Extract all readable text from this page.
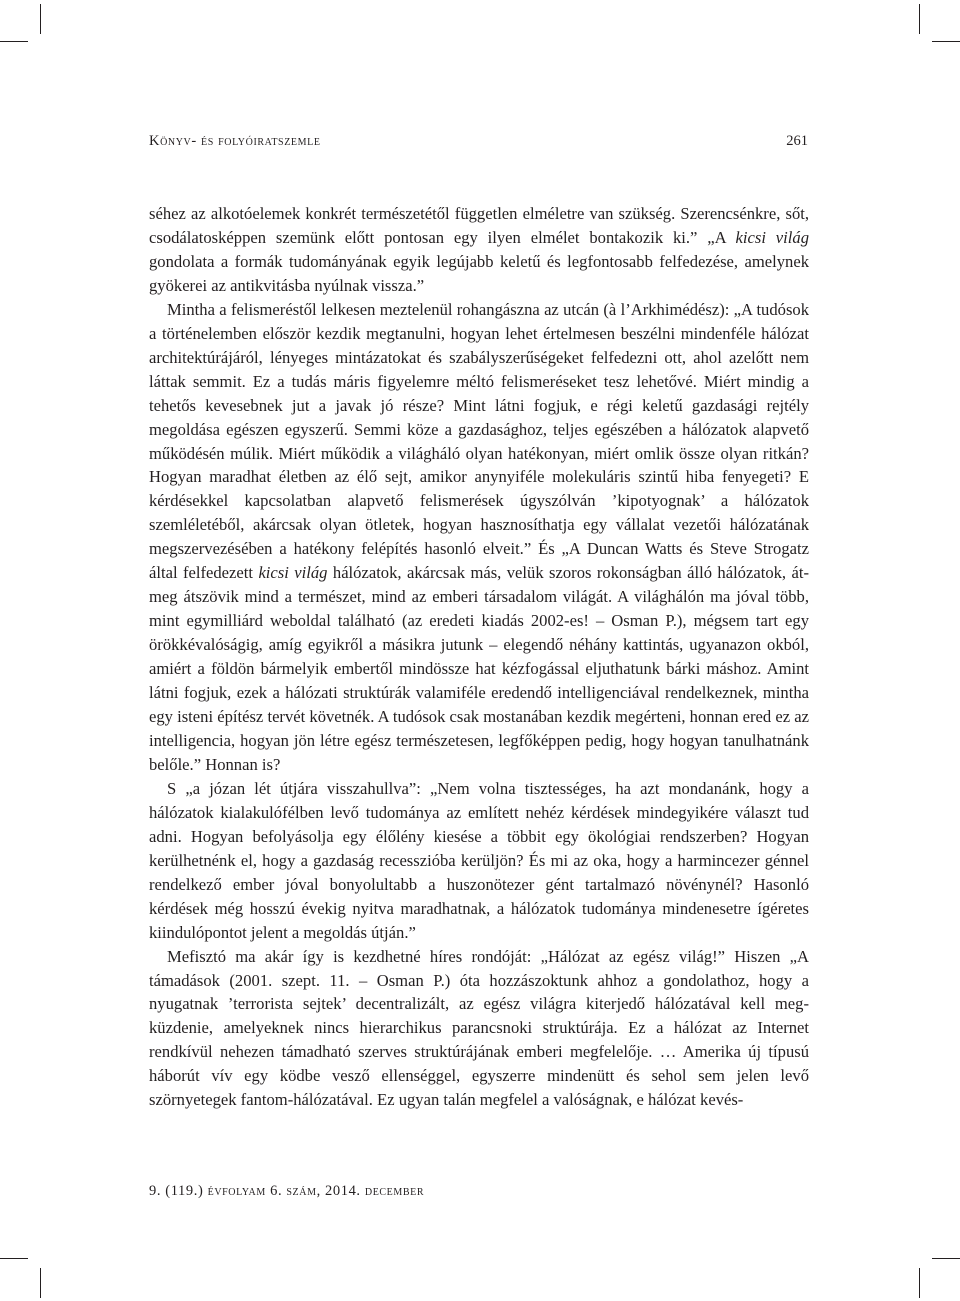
Könyv- és folyóiratszemle	261

séhez az alkotóelemek konkrét természetétől független elméletre van szükség. Szerencsénkre, sőt, csodálatosképpen szemünk előtt pontosan egy ilyen elmélet bontakozik ki.” „A kicsi világ gondolata a formák tudományának egyik legújabb keletű és legfontosabb felfedezése, amelynek gyökerei az antikvitásba nyúlnak vissza.”

Mintha a felismeréstől lelkesen meztelenül rohangászna az utcán (à l’Arkhimédész): „A tudósok a történelemben először kezdik megtanulni, hogyan lehet értelmesen beszélni mindenféle hálózat architektúrájáról, lényeges mintázatokat és szabályszerűségeket felfedezni ott, ahol azelőtt nem láttak semmit. Ez a tudás máris figyelemre méltó felismeréseket tesz lehetővé. Miért mindig a tehetős kevesebnek jut a javak jó része? Mint látni fogjuk, e régi keletű gazdasági rejtély megoldása egészen egyszerű. Semmi köze a gazdasághoz, teljes egészében a hálózatok alapvető működésén múlik. Miért működik a világháló olyan hatékonyan, miért omlik össze olyan ritkán? Hogyan maradhat életben az élő sejt, amikor anynyiféle molekuláris szintű hiba fenyegeti? E kérdésekkel kapcsolatban alapvető felismerések úgyszólván ’kipotyognak’ a hálózatok szemléletéből, akárcsak olyan ötletek, hogyan hasznosíthatja egy vállalat vezetői hálózatának megszervezésében a hatékony felépítés hasonló elveit.” És „A Duncan Watts és Steve Strogatz által felfedezett kicsi világ hálózatok, akárcsak más, velük szoros rokonságban álló hálózatok, át- meg átszövik mind a természet, mind az emberi társadalom világát. A világhálón ma jóval több, mint egymilliárd weboldal található (az eredeti kiadás 2002-es! – Osman P.), mégsem tart egy örökkévalóságig, amíg egyikről a másikra jutunk – elegendő néhány kattintás, ugyanazon okból, amiért a földön bármelyik embertől mindössze hat kézfogással eljuthatunk bárki máshoz. Amint látni fogjuk, ezek a hálózati struktúrák valamiféle eredendő intelligenciával rendelkeznek, mintha egy isteni építész tervét követnék. A tudósok csak mostanában kezdik megérteni, honnan ered ez az intelligencia, hogyan jön létre egész természetesen, legfőképpen pedig, hogy hogyan tanulhatnánk belőle.” Honnan is?

S „a józan lét útjára visszahullva”: „Nem volna tisztességes, ha azt mondanánk, hogy a hálózatok kialakulófélben levő tudománya az említett nehéz kérdések mindegyikére választ tud adni. Hogyan befolyásolja egy élőlény kiesése a többit egy ökológiai rendszerben? Hogyan kerülhetnénk el, hogy a gazdaság recesszióba kerüljön? És mi az oka, hogy a harmincezer génnel rendelkező ember jóval bonyolultabb a huszonötezer gént tartalmazó növénynél? Hasonló kérdések még hosszú évekig nyitva maradhatnak, a hálózatok tudománya mindenesetre ígéretes kiindulópontot jelent a megoldás útján.”

Mefisztó ma akár így is kezdhetné híres rondóját: „Hálózat az egész világ!” Hiszen „A támadások (2001. szept. 11. – Osman P.) óta hozzászoktunk ahhoz a gondolathoz, hogy a nyugatnak ’terrorista sejtek’ decentralizált, az egész világra kiterjedő hálózatával kell megküzdenie, amelyeknek nincs hierarchikus parancsnoki struktúrája. Ez a hálózat az Internet rendkívül nehezen támadható szerves struktúrájának emberi megfelelője. … Amerika új típusú háborút vív egy ködbe vesző ellenséggel, egyszerre mindenütt és sehol sem jelen levő szörnyetegek fantom-hálózatával. Ez ugyan talán megfelel a valóságnak, e hálózat kevés-

9. (119.) évfolyam 6. szám, 2014. december
